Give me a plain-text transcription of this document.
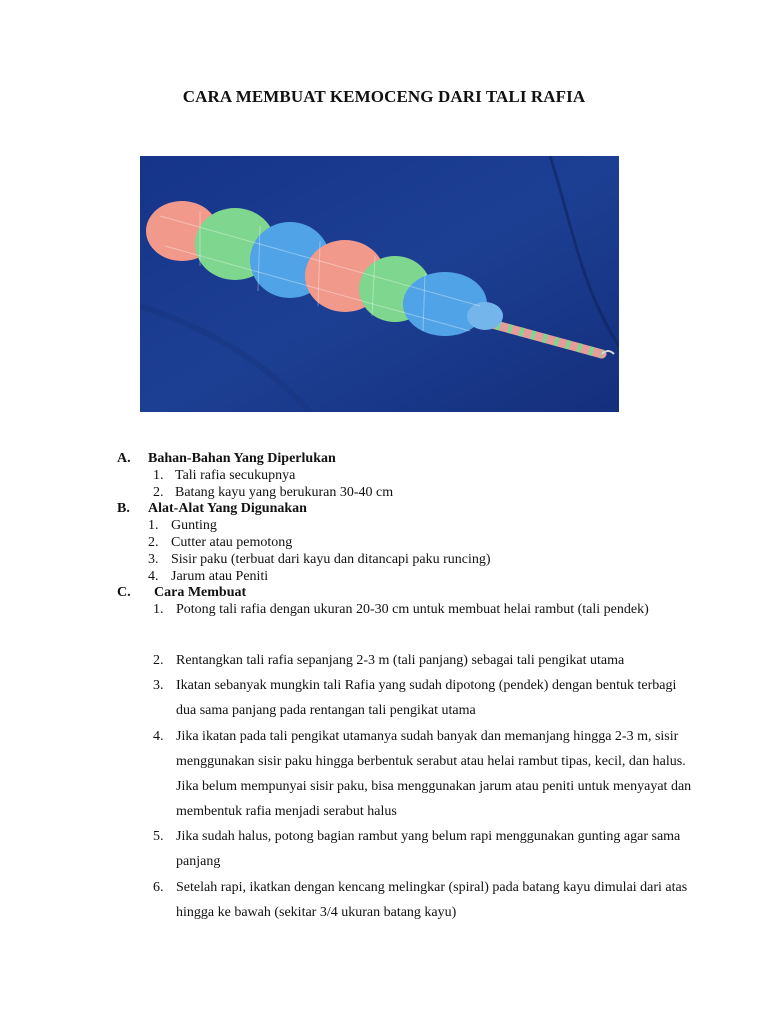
CARA MEMBUAT KEMOCENG DARI TALI RAFIA
A. Bahan-Bahan Yang Diperlukan
1. Tali rafia secukupnya
2. Batang kayu yang berukuran 30-40 cm
B. Alat-Alat Yang Digunakan
1. Gunting
2. Cutter atau pemotong
3. Sisir paku (terbuat dari kayu dan ditancapi paku runcing)
4. Jarum atau Peniti
C. Cara Membuat
1. Potong tali rafia dengan ukuran 20-30 cm untuk membuat helai rambut (tali pendek)
2. Rentangkan tali rafia sepanjang 2-3 m (tali panjang) sebagai tali pengikat utama
3. Ikatan sebanyak mungkin tali Rafia yang sudah dipotong (pendek) dengan bentuk terbagi dua sama panjang pada rentangan tali pengikat utama
4. Jika ikatan pada tali pengikat utamanya sudah banyak dan memanjang hingga 2-3 m, sisir menggunakan sisir paku hingga berbentuk serabut atau helai rambut tipas, kecil, dan halus. Jika belum mempunyai sisir paku, bisa menggunakan jarum atau peniti untuk menyayat dan membentuk rafia menjadi serabut halus
5. Jika sudah halus, potong bagian rambut yang belum rapi menggunakan gunting agar sama panjang
6. Setelah rapi, ikatkan dengan kencang melingkar (spiral) pada batang kayu dimulai dari atas hingga ke bawah (sekitar 3/4 ukuran batang kayu)
